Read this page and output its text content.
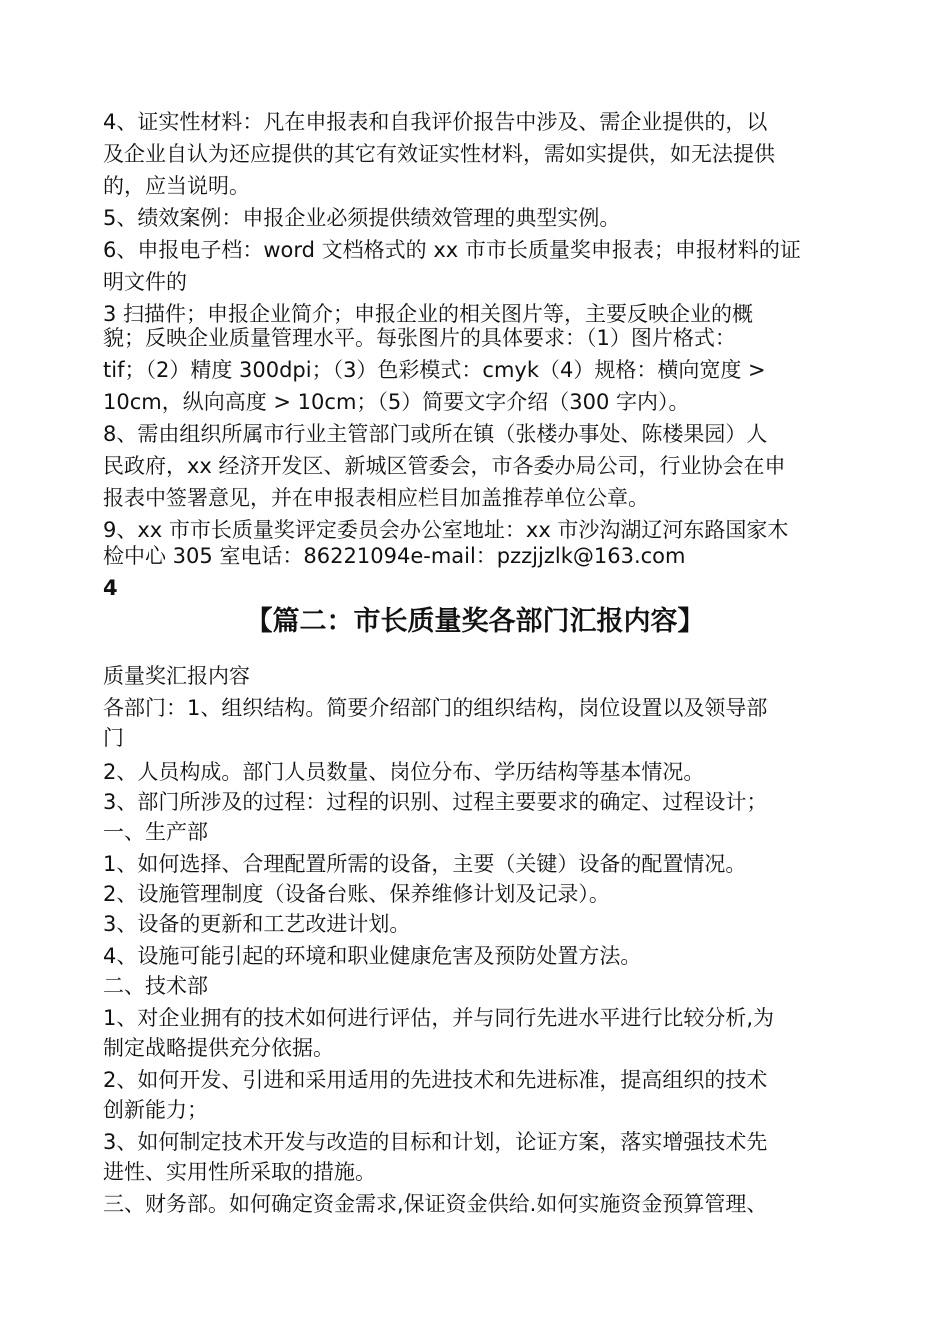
4、证实性材料：凡在申报表和自我评价报告中涉及、需企业提供的，以

及企业自认为还应提供的其它有效证实性材料，需如实提供，如无法提供

的，应当说明。

5、绩效案例：申报企业必须提供绩效管理的典型实例。

6、申报电子档：word 文档格式的 xx 市市长质量奖申报表；申报材料的证

明文件的

3 扫描件；申报企业简介；申报企业的相关图片等，主要反映企业的概

貌；反映企业质量管理水平。每张图片的具体要求：（1）图片格式：

tif；（2）精度 300dpi；（3）色彩模式：cmyk（4）规格：横向宽度 >

10cm，纵向高度 > 10cm；（5）简要文字介绍（300 字内）。

8、需由组织所属市行业主管部门或所在镇（张楼办事处、陈楼果园）人

民政府，xx 经济开发区、新城区管委会，市各委办局公司，行业协会在申

报表中签署意见，并在申报表相应栏目加盖推荐单位公章。

9、xx 市市长质量奖评定委员会办公室地址：xx 市沙沟湖辽河东路国家木

检中心 305 室电话：86221094e-mail：pzzjjzlk@163.com

4

【篇二：市长质量奖各部门汇报内容】

质量奖汇报内容

各部门：1、组织结构。简要介绍部门的组织结构，岗位设置以及领导部

门

2、人员构成。部门人员数量、岗位分布、学历结构等基本情况。

3、部门所涉及的过程：过程的识别、过程主要要求的确定、过程设计；

一、生产部

1、如何选择、合理配置所需的设备，主要（关键）设备的配置情况。

2、设施管理制度（设备台账、保养维修计划及记录）。

3、设备的更新和工艺改进计划。

4、设施可能引起的环境和职业健康危害及预防处置方法。

二、技术部

1、对企业拥有的技术如何进行评估，并与同行先进水平进行比较分析,为

制定战略提供充分依据。

2、如何开发、引进和采用适用的先进技术和先进标准，提高组织的技术

创新能力；

3、如何制定技术开发与改造的目标和计划，论证方案，落实增强技术先

进性、实用性所采取的措施。

三、财务部。如何确定资金需求,保证资金供给.如何实施资金预算管理、
